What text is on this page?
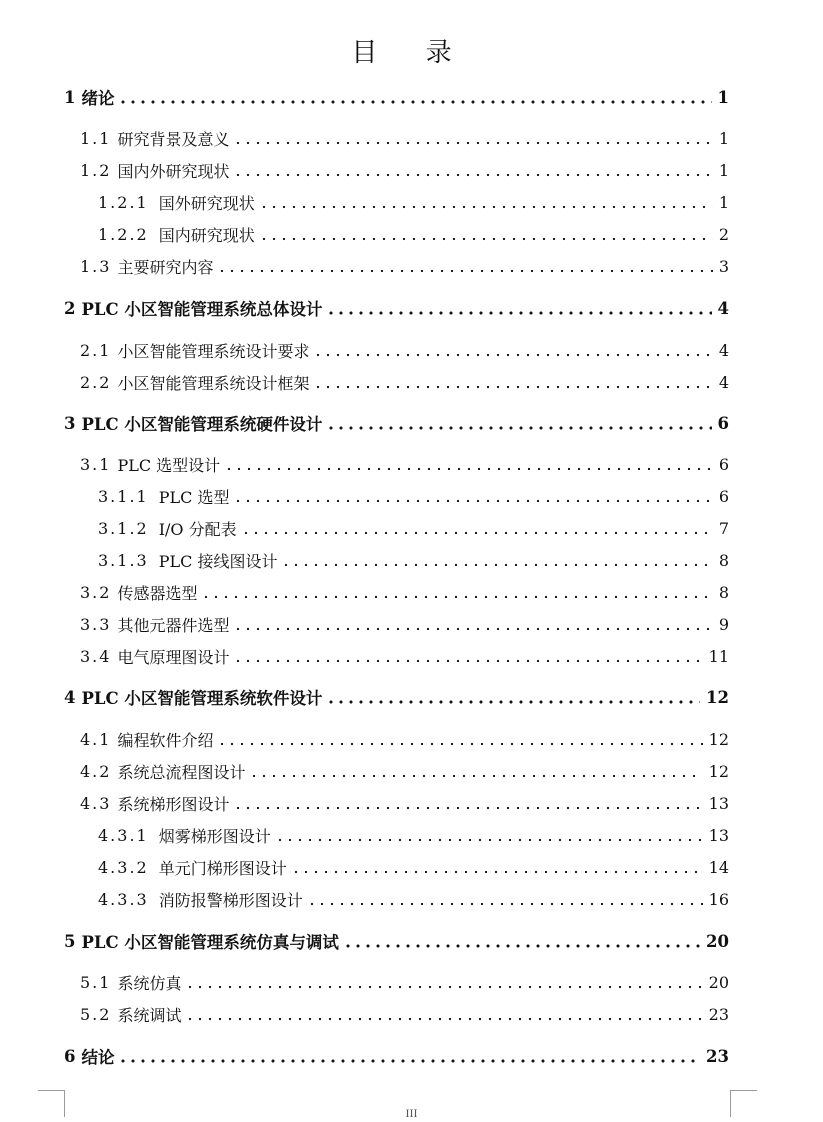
目 录
1 绪论	1
1.1 研究背景及意义	1
1.2 国内外研究现状	1
1.2.1 国外研究现状	1
1.2.2 国内研究现状	2
1.3 主要研究内容	3
2 PLC 小区智能管理系统总体设计	4
2.1 小区智能管理系统设计要求	4
2.2 小区智能管理系统设计框架	4
3 PLC 小区智能管理系统硬件设计	6
3.1 PLC 选型设计	6
3.1.1 PLC 选型	6
3.1.2 I/O 分配表	7
3.1.3 PLC 接线图设计	8
3.2 传感器选型	8
3.3 其他元器件选型	9
3.4 电气原理图设计	11
4 PLC 小区智能管理系统软件设计	12
4.1 编程软件介绍	12
4.2 系统总流程图设计	12
4.3 系统梯形图设计	13
4.3.1 烟雾梯形图设计	13
4.3.2 单元门梯形图设计	14
4.3.3 消防报警梯形图设计	16
5 PLC 小区智能管理系统仿真与调试	20
5.1 系统仿真	20
5.2 系统调试	23
6 结论	23
III
